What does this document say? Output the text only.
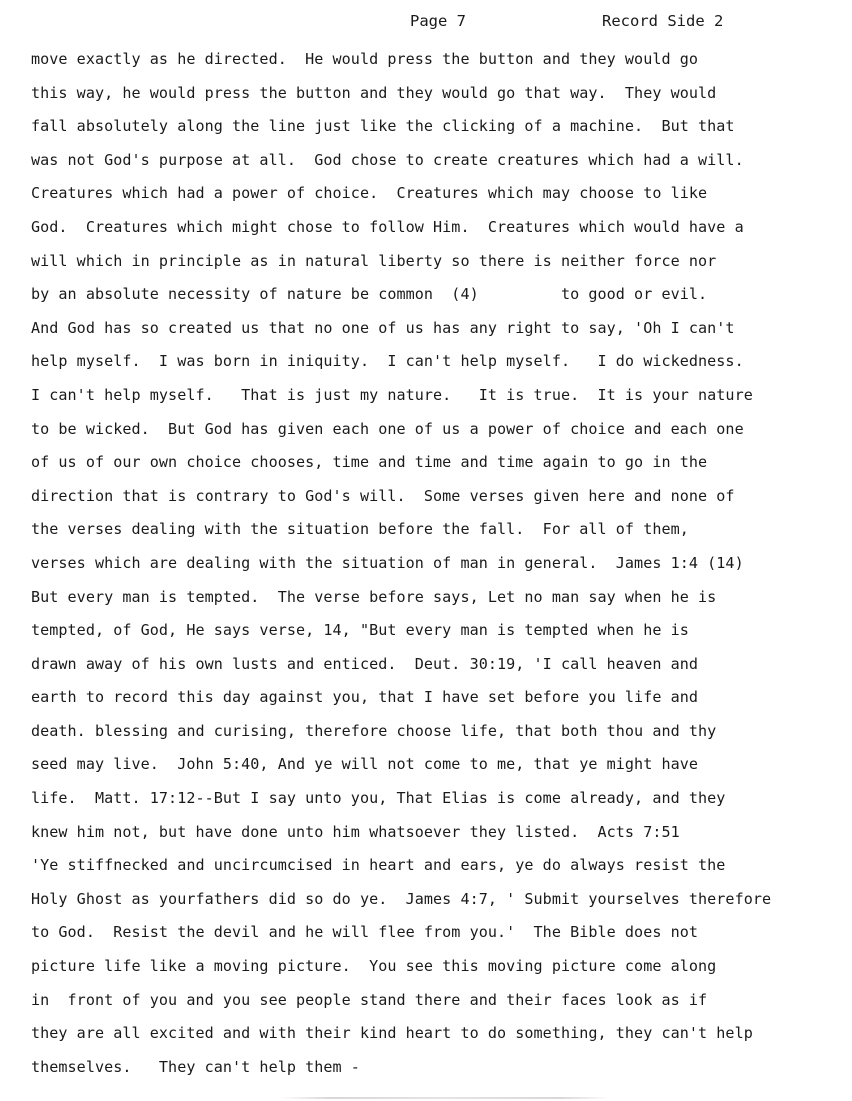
Page 7	Record Side 2
move exactly as he directed.  He would press the button and they would go
this way, he would press the button and they would go that way.  They would
fall absolutely along the line just like the clicking of a machine.  But that
was not God's purpose at all.  God chose to create creatures which had a will.
Creatures which had a power of choice.  Creatures which may choose to like
God.  Creatures which might chose to follow Him.  Creatures which would have a
will which in principle as in natural liberty so there is neither force nor
by an absolute necessity of nature be common  (4)         to good or evil.
And God has so created us that no one of us has any right to say, 'Oh I can't
help myself.  I was born in iniquity.  I can't help myself.   I do wickedness.
I can't help myself.   That is just my nature.   It is true.  It is your nature
to be wicked.  But God has given each one of us a power of choice and each one
of us of our own choice chooses, time and time and time again to go in the
direction that is contrary to God's will.  Some verses given here and none of
the verses dealing with the situation before the fall.  For all of them,
verses which are dealing with the situation of man in general.  James 1:4 (14)
But every man is tempted.  The verse before says, Let no man say when he is
tempted, of God, He says verse, 14, "But every man is tempted when he is
drawn away of his own lusts and enticed.  Deut. 30:19, 'I call heaven and
earth to record this day against you, that I have set before you life and
death. blessing and curising, therefore choose life, that both thou and thy
seed may live.  John 5:40, And ye will not come to me, that ye might have
life.  Matt. 17:12--But I say unto you, That Elias is come already, and they
knew him not, but have done unto him whatsoever they listed.  Acts 7:51
'Ye stiffnecked and uncircumcised in heart and ears, ye do always resist the
Holy Ghost as yourfathers did so do ye.  James 4:7, ' Submit yourselves therefore
to God.  Resist the devil and he will flee from you.'  The Bible does not
picture life like a moving picture.  You see this moving picture come along
in  front of you and you see people stand there and their faces look as if
they are all excited and with their kind heart to do something, they can't help
themselves.   They can't help them -
